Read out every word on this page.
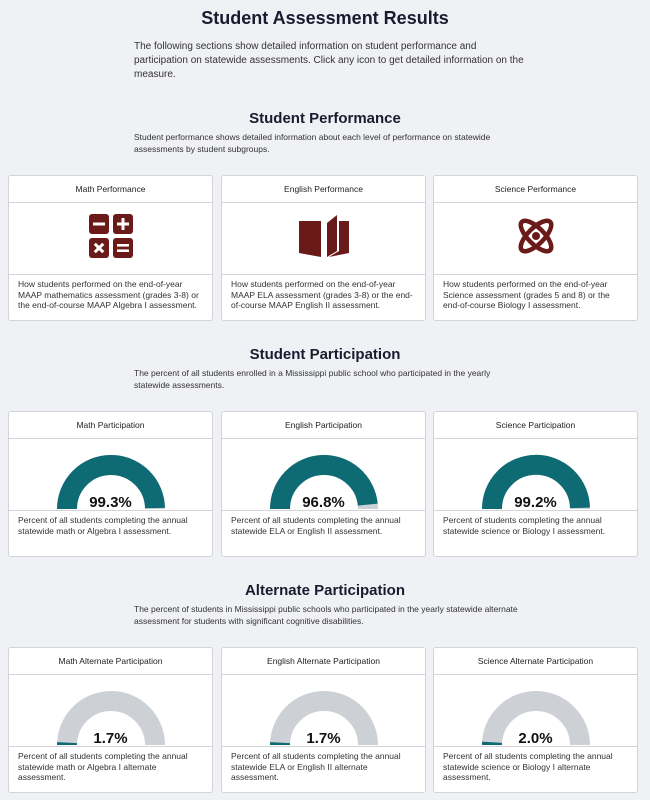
Student Assessment Results
The following sections show detailed information on student performance and participation on statewide assessments. Click any icon to get detailed information on the measure.
Student Performance
Student performance shows detailed information about each level of performance on statewide assessments by student subgroups.
Math Performance
How students performed on the end-of-year MAAP mathematics assessment (grades 3-8) or the end-of-course MAAP Algebra I assessment.
English Performance
How students performed on the end-of-year MAAP ELA assessment (grades 3-8) or the end-of-course MAAP English II assessment.
Science Performance
How students performed on the end-of-year Science assessment (grades 5 and 8) or the end-of-course Biology I assessment.
Student Participation
The percent of all students enrolled in a Mississippi public school who participated in the yearly statewide assessments.
Math Participation
99.3%
Percent of all students completing the annual statewide math or Algebra I assessment.
English Participation
96.8%
Percent of all students completing the annual statewide ELA or English II assessment.
Science Participation
99.2%
Percent of students completing the annual statewide science or Biology I assessment.
Alternate Participation
The percent of students in Mississippi public schools who participated in the yearly statewide alternate assessment for students with significant cognitive disabilities.
Math Alternate Participation
1.7%
Percent of all students completing the annual statewide math or Algebra I alternate assessment.
English Alternate Participation
1.7%
Percent of all students completing the annual statewide ELA or English II alternate assessment.
Science Alternate Participation
2.0%
Percent of all students completing the annual statewide science or Biology I alternate assessment.
